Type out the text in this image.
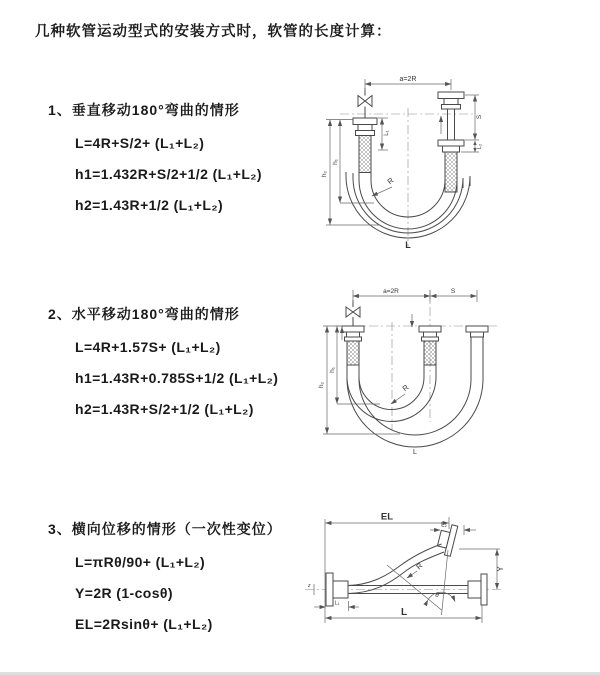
几种软管运动型式的安装方式时，软管的长度计算：
1、垂直移动180°弯曲的情形
L=4R+S/2+ (L₁+L₂)
h1=1.432R+S/2+1/2 (L₁+L₂)
h2=1.43R+1/2 (L₁+L₂)
a=2R
h₂
h₁
L₁
S
L₂
R
L
2、水平移动180°弯曲的情形
L=4R+1.57S+ (L₁+L₂)
h1=1.43R+0.785S+1/2 (L₁+L₂)
h2=1.43R+S/2+1/2 (L₁+L₂)
a=2R	S
h₂
h₁
R
L
3、横向位移的情形（一次性变位）
L=πRθ/90+ (L₁+L₂)
Y=2R (1-cosθ)
EL=2Rsinθ+ (L₁+L₂)
z
θ
EL
L₂
Y
R
L
L₁
